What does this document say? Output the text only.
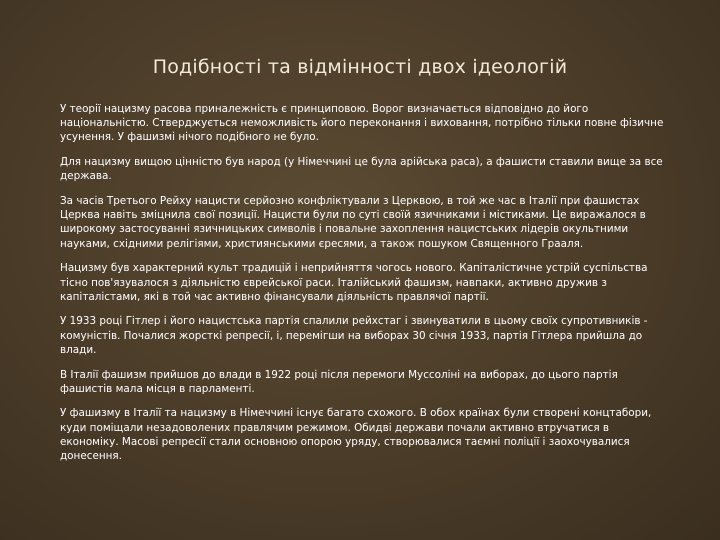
Подібності та відмінності двох ідеологій

У теорії нацизму расова приналежність є принциповою. Ворог визначається відповідно до його національністю. Стверджується неможливість його переконання і виховання, потрібно тільки повне фізичне усунення. У фашизмі нічого подібного не було.

Для нацизму вищою цінністю був народ (у Німеччині це була арійська раса), а фашисти ставили вище за все держава.

За часів Третього Рейху нацисти серйозно конфліктували з Церквою, в той же час в Італії при фашистах Церква навіть зміцнила свої позиції. Нацисти були по суті своїй язичниками і містиками. Це виражалося в широкому застосуванні язичницьких символів і повальне захоплення нацистських лідерів окультними науками, східними релігіями, християнськими єресями, а також пошуком Священного Грааля.

Нацизму був характерний культ традицій і неприйняття чогось нового. Капіталістичне устрій суспільства тісно пов'язувалося з діяльністю єврейської раси. Італійський фашизм, навпаки, активно дружив з капіталістами, які в той час активно фінансували діяльність правлячої партії.

У 1933 році Гітлер і його нацистська партія спалили рейхстаг і звинуватили в цьому своїх супротивників - комуністів. Почалися жорсткі репресії, і, перемігши на виборах 30 січня 1933, партія Гітлера прийшла до влади.

В Італії фашизм прийшов до влади в 1922 році після перемоги Муссоліні на виборах, до цього партія фашистів мала місця в парламенті.

У фашизму в Італії та нацизму в Німеччині існує багато схожого. В обох країнах були створені концтабори, куди поміщали незадоволених правлячим режимом. Обидві держави почали активно втручатися в економіку. Масові репресії стали основною опорою уряду, створювалися таємні поліції і заохочувалися донесення.
